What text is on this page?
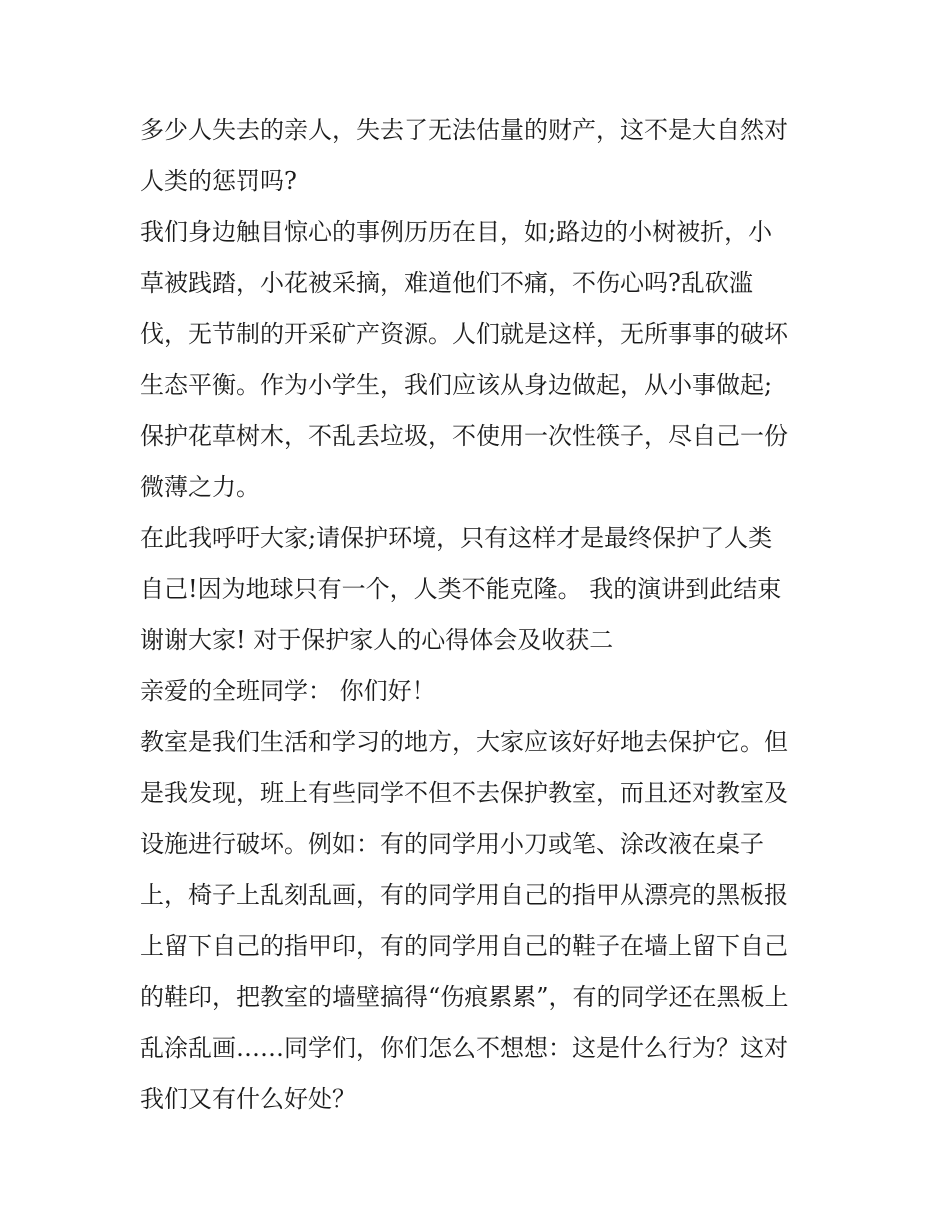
多少人失去的亲人，失去了无法估量的财产，这不是大自然对
人类的惩罚吗?
我们身边触目惊心的事例历历在目，如;路边的小树被折，小
草被践踏，小花被采摘，难道他们不痛，不伤心吗?乱砍滥
伐，无节制的开采矿产资源。人们就是这样，无所事事的破坏
生态平衡。作为小学生，我们应该从身边做起，从小事做起;
保护花草树木，不乱丢垃圾，不使用一次性筷子，尽自己一份
微薄之力。
在此我呼吁大家;请保护环境，只有这样才是最终保护了人类
自己!因为地球只有一个，人类不能克隆。 我的演讲到此结束
谢谢大家! 对于保护家人的心得体会及收获二
亲爱的全班同学： 你们好！
教室是我们生活和学习的地方，大家应该好好地去保护它。但
是我发现，班上有些同学不但不去保护教室，而且还对教室及
设施进行破坏。例如：有的同学用小刀或笔、涂改液在桌子
上，椅子上乱刻乱画，有的同学用自己的指甲从漂亮的黑板报
上留下自己的指甲印，有的同学用自己的鞋子在墙上留下自己
的鞋印，把教室的墙壁搞得“伤痕累累”，有的同学还在黑板上
乱涂乱画……同学们，你们怎么不想想：这是什么行为？这对
我们又有什么好处？
